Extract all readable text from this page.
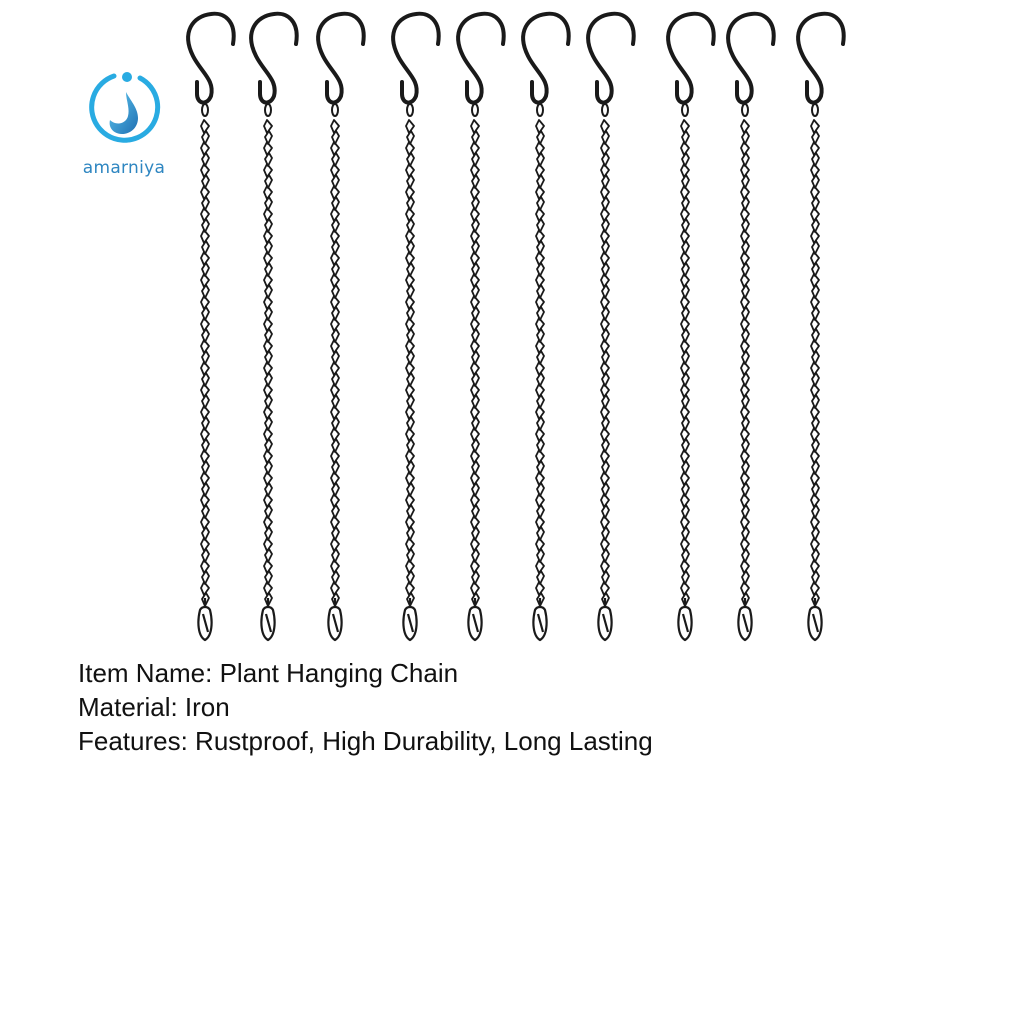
amarniya
Item Name: Plant Hanging Chain
Material: Iron
Features: Rustproof, High Durability, Long Lasting
